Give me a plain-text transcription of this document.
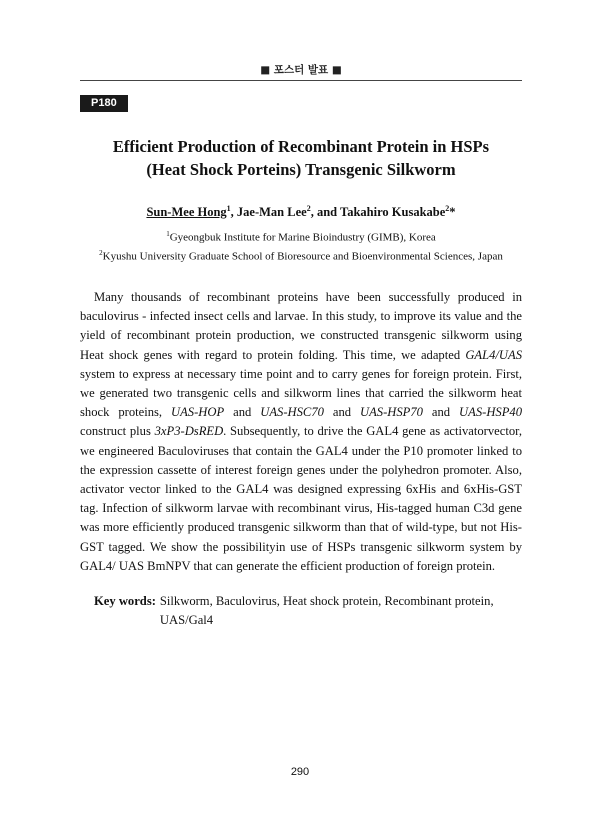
■ 포스터 발표 ■
P180
Efficient Production of Recombinant Protein in HSPs
(Heat Shock Porteins) Transgenic Silkworm
Sun-Mee Hong$^1$, Jae-Man Lee$^2$, and Takahiro Kusakabe$^2$*
$^1$Gyeongbuk Institute for Marine Bioindustry (GIMB), Korea
$^2$Kyushu University Graduate School of Bioresource and Bioenvironmental Sciences, Japan
Many thousands of recombinant proteins have been successfully produced in baculovirus - infected insect cells and larvae. In this study, to improve its value and the yield of recombinant protein production, we constructed transgenic silkworm using Heat shock genes with regard to protein folding. This time, we adapted GAL4/UAS system to express at necessary time point and to carry genes for foreign protein. First, we generated two transgenic cells and silkworm lines that carried the silkworm heat shock proteins, UAS-HOP and UAS-HSC70 and UAS-HSP70 and UAS-HSP40 construct plus 3xP3-DsRED. Subsequently, to drive the GAL4 gene as activatorvector, we engineered Baculoviruses that contain the GAL4 under the P10 promoter linked to the expression cassette of interest foreign genes under the polyhedron promoter. Also, activator vector linked to the GAL4 was designed expressing 6xHis and 6xHis-GST tag. Infection of silkworm larvae with recombinant virus, His-tagged human C3d gene was more efficiently produced transgenic silkworm than that of wild-type, but not His-GST tagged. We show the possibilityin use of HSPs transgenic silkworm system by GAL4/ UAS BmNPV that can generate the efficient production of foreign protein.
Key words: Silkworm, Baculovirus, Heat shock protein, Recombinant protein, UAS/Gal4
290
